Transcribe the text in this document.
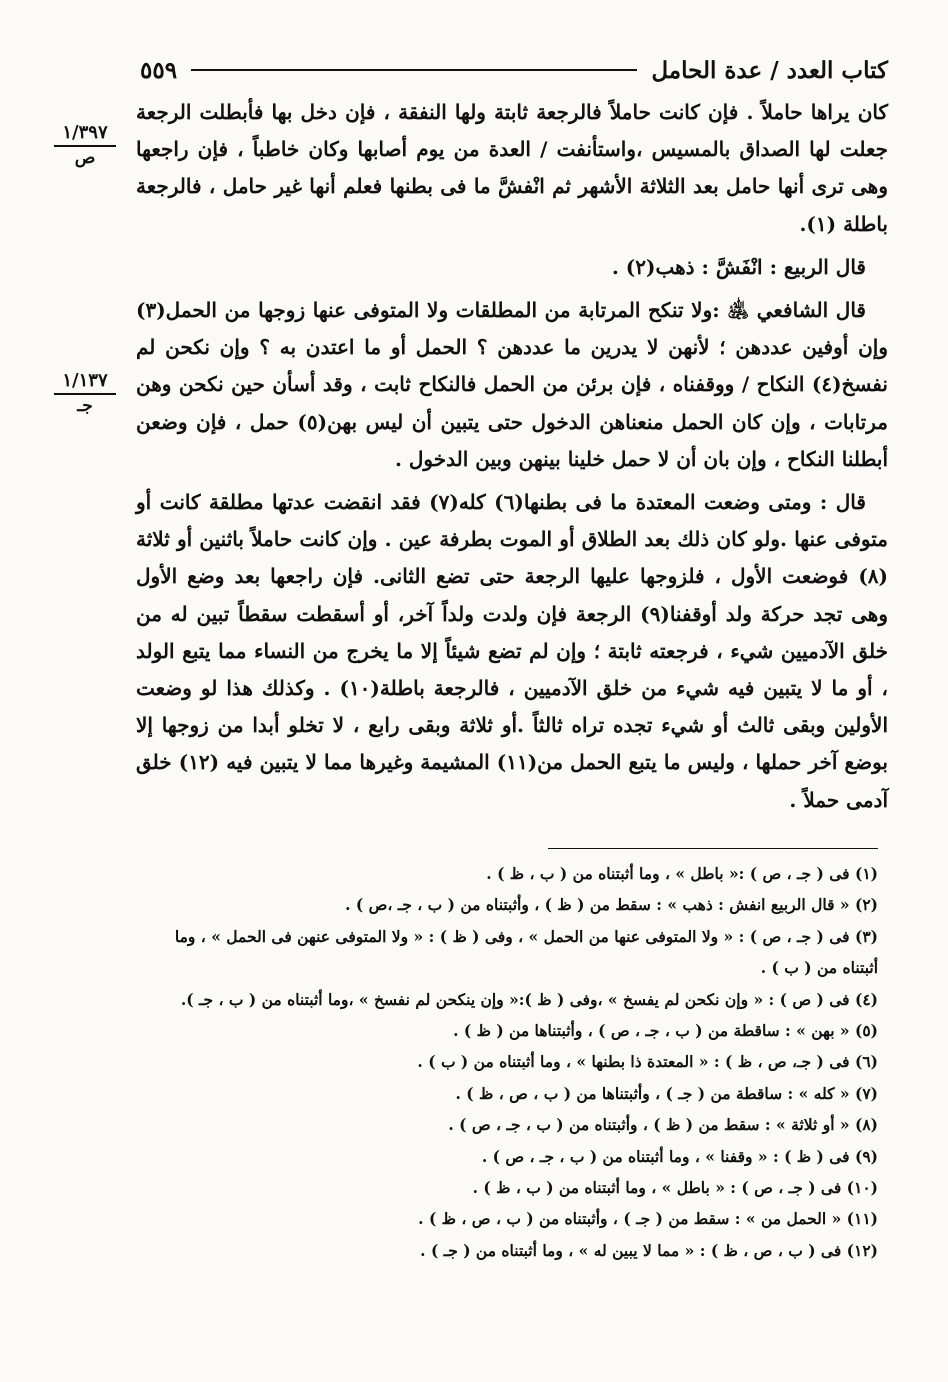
كتاب العدد / عدة الحامل
٥٥٩
١/٣٩٧
ص
١/١٣٧
جـ

كان يراها حاملاً . فإن كانت حاملاً فالرجعة ثابتة ولها النفقة ، فإن دخل بها فأبطلت الرجعة جعلت لها الصداق بالمسيس ،واستأنفت / العدة من يوم أصابها وكان خاطباً ، فإن راجعها وهى ترى أنها حامل بعد الثلاثة الأشهر ثم انْفشَّ ما فى بطنها فعلم أنها غير حامل ، فالرجعة باطلة (١).

قال الربيع : انْفَشَّ : ذهب(٢) .

قال الشافعي ﵁ :ولا تنكح المرتابة من المطلقات ولا المتوفى عنها زوجها من الحمل(٣) وإن أوفين عددهن ؛ لأنهن لا يدرين ما عددهن ؟ الحمل أو ما اعتدن به ؟ وإن نكحن لم نفسخ(٤) النكاح / ووقفناه ، فإن برئن من الحمل فالنكاح ثابت ، وقد أسأن حين نكحن وهن مرتابات ، وإن كان الحمل منعناهن الدخول حتى يتبين أن ليس بهن(٥) حمل ، فإن وضعن أبطلنا النكاح ، وإن بان أن لا حمل خلينا بينهن وبين الدخول .

قال : ومتى وضعت المعتدة ما فى بطنها(٦) كله(٧) فقد انقضت عدتها مطلقة كانت أو متوفى عنها .ولو كان ذلك بعد الطلاق أو الموت بطرفة عين . وإن كانت حاملاً باثنين أو ثلاثة (٨) فوضعت الأول ، فلزوجها عليها الرجعة حتى تضع الثانى. فإن راجعها بعد وضع الأول وهى تجد حركة ولد أوقفنا(٩) الرجعة فإن ولدت ولداً آخر، أو أسقطت سقطاً تبين له من خلق الآدميين شيء ، فرجعته ثابتة ؛ وإن لم تضع شيئاً إلا ما يخرج من النساء مما يتبع الولد ، أو ما لا يتبين فيه شيء من خلق الآدميين ، فالرجعة باطلة(١٠) . وكذلك هذا لو وضعت الأولين وبقى ثالث أو شيء تجده تراه ثالثاً .أو ثلاثة وبقى رابع ، لا تخلو أبدا من زوجها إلا بوضع آخر حملها ، وليس ما يتبع الحمل من(١١) المشيمة وغيرها مما لا يتبين فيه (١٢) خلق آدمى حملاً .

(١) فى ( جـ ، ص ) :« باطل » ، وما أثبتناه من ( ب ، ظ ) .

(٢) « قال الربيع انفش : ذهب » : سقط من ( ظ ) ، وأثبتناه من ( ب ، جـ ،ص ) .

(٣) فى ( جـ ، ص ) : « ولا المتوفى عنها من الحمل » ، وفى ( ظ ) : « ولا المتوفى عنهن فى الحمل » ، وما أثبتناه من ( ب ) .

(٤) فى ( ص ) : « وإن نكحن لم يفسخ » ،وفى ( ظ ):« وإن ينكحن لم نفسخ » ،وما أثبتناه من ( ب ، جـ ).

(٥) « بهن » : ساقطة من ( ب ، جـ ، ص ) ، وأثبتناها من ( ظ ) .

(٦) فى ( جـ، ص ، ظ ) : « المعتدة ذا بطنها » ، وما أثبتناه من ( ب ) .

(٧) « كله » : ساقطة من ( جـ ) ، وأثبتناها من ( ب ، ص ، ظ ) .

(٨) « أو ثلاثة » : سقط من ( ظ ) ، وأثبتناه من ( ب ، جـ ، ص ) .

(٩) فى ( ظ ) : « وقفنا » ، وما أثبتناه من ( ب ، جـ ، ص ) .

(١٠) فى ( جـ ، ص ) : « باطل » ، وما أثبتناه من ( ب ، ظ ) .

(١١) « الحمل من » : سقط من ( جـ ) ، وأثبتناه من ( ب ، ص ، ظ ) .

(١٢) فى ( ب ، ص ، ظ ) : « مما لا يبين له » ، وما أثبتناه من ( جـ ) .
